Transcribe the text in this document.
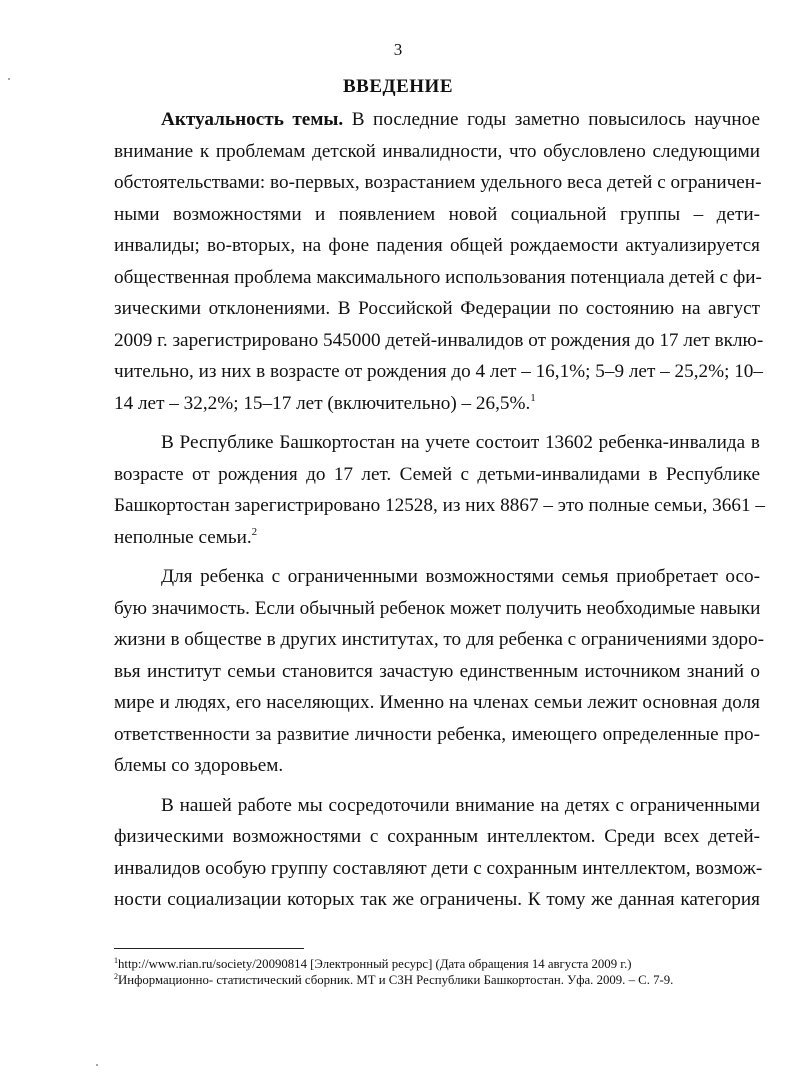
3
ВВЕДЕНИЕ
Актуальность темы. В последние годы заметно повысилось научное
внимание к проблемам детской инвалидности, что обусловлено следующими
обстоятельствами: во-первых, возрастанием удельного веса детей с ограничен-
ными возможностями и появлением новой социальной группы – дети-
инвалиды; во-вторых, на фоне падения общей рождаемости актуализируется
общественная проблема максимального использования потенциала детей с фи-
зическими отклонениями. В Российской Федерации по состоянию на август
2009 г. зарегистрировано 545000 детей-инвалидов от рождения до 17 лет вклю-
чительно, из них в возрасте от рождения до 4 лет – 16,1%; 5–9 лет – 25,2%; 10–
14 лет – 32,2%; 15–17 лет (включительно) – 26,5%.$^1$
В Республике Башкортостан на учете состоит 13602 ребенка-инвалида в
возрасте от рождения до 17 лет. Семей с детьми-инвалидами в Республике
Башкортостан зарегистрировано 12528, из них 8867 – это полные семьи, 3661 –
неполные семьи.$^2$
Для ребенка с ограниченными возможностями семья приобретает осо-
бую значимость. Если обычный ребенок может получить необходимые навыки
жизни в обществе в других институтах, то для ребенка с ограничениями здоро-
вья институт семьи становится зачастую единственным источником знаний о
мире и людях, его населяющих. Именно на членах семьи лежит основная доля
ответственности за развитие личности ребенка, имеющего определенные про-
блемы со здоровьем.
В нашей работе мы сосредоточили внимание на детях с ограниченными
физическими возможностями с сохранным интеллектом. Среди всех детей-
инвалидов особую группу составляют дети с сохранным интеллектом, возмож-
ности социализации которых так же ограничены. К тому же данная категория
$^1$http://www.rian.ru/society/20090814 [Электронный ресурс] (Дата обращения 14 августа 2009 г.)
$^2$Информационно- статистический сборник. МТ и СЗН Республики Башкортостан. Уфа. 2009. – С. 7-9.
